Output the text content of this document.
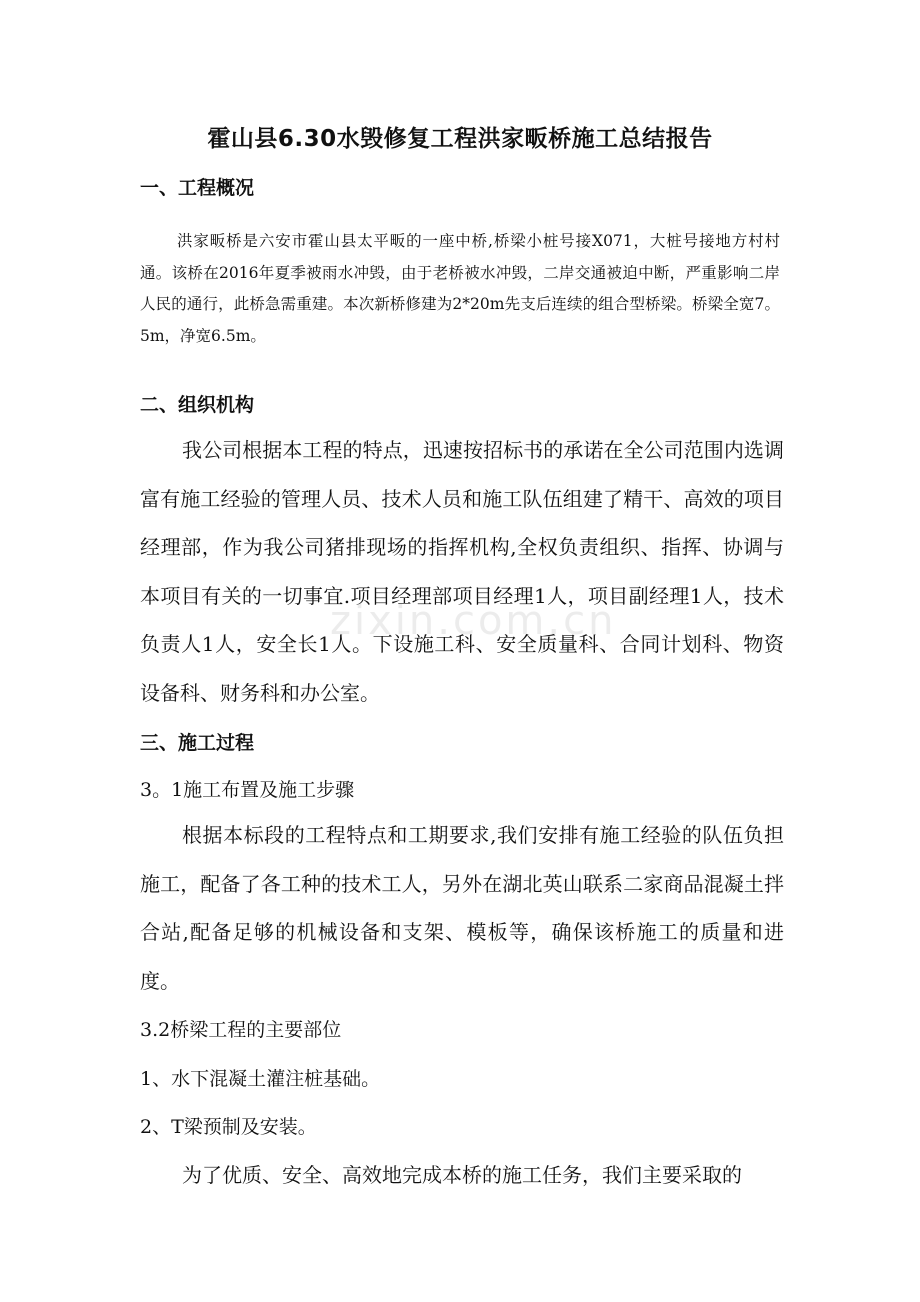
霍山县6.30水毁修复工程洪家畈桥施工总结报告
一、工程概况

洪家畈桥是六安市霍山县太平畈的一座中桥,桥梁小桩号接X071，大桩号接地方村村通。该桥在2016年夏季被雨水冲毁，由于老桥被水冲毁，二岸交通被迫中断，严重影响二岸人民的通行，此桥急需重建。本次新桥修建为2*20m先支后连续的组合型桥梁。桥梁全宽7。5m，净宽6.5m。

二、组织机构

我公司根据本工程的特点，迅速按招标书的承诺在全公司范围内选调富有施工经验的管理人员、技术人员和施工队伍组建了精干、高效的项目经理部，作为我公司猪排现场的指挥机构,全权负责组织、指挥、协调与本项目有关的一切事宜.项目经理部项目经理1人，项目副经理1人，技术负责人1人，安全长1人。下设施工科、安全质量科、合同计划科、物资设备科、财务科和办公室。

三、施工过程

3。1施工布置及施工步骤

根据本标段的工程特点和工期要求,我们安排有施工经验的队伍负担施工，配备了各工种的技术工人，另外在湖北英山联系二家商品混凝土拌合站,配备足够的机械设备和支架、模板等，确保该桥施工的质量和进度。

3.2桥梁工程的主要部位

1、水下混凝土灌注桩基础。

2、T梁预制及安装。

为了优质、安全、高效地完成本桥的施工任务，我们主要采取的

zixin.com.cn
